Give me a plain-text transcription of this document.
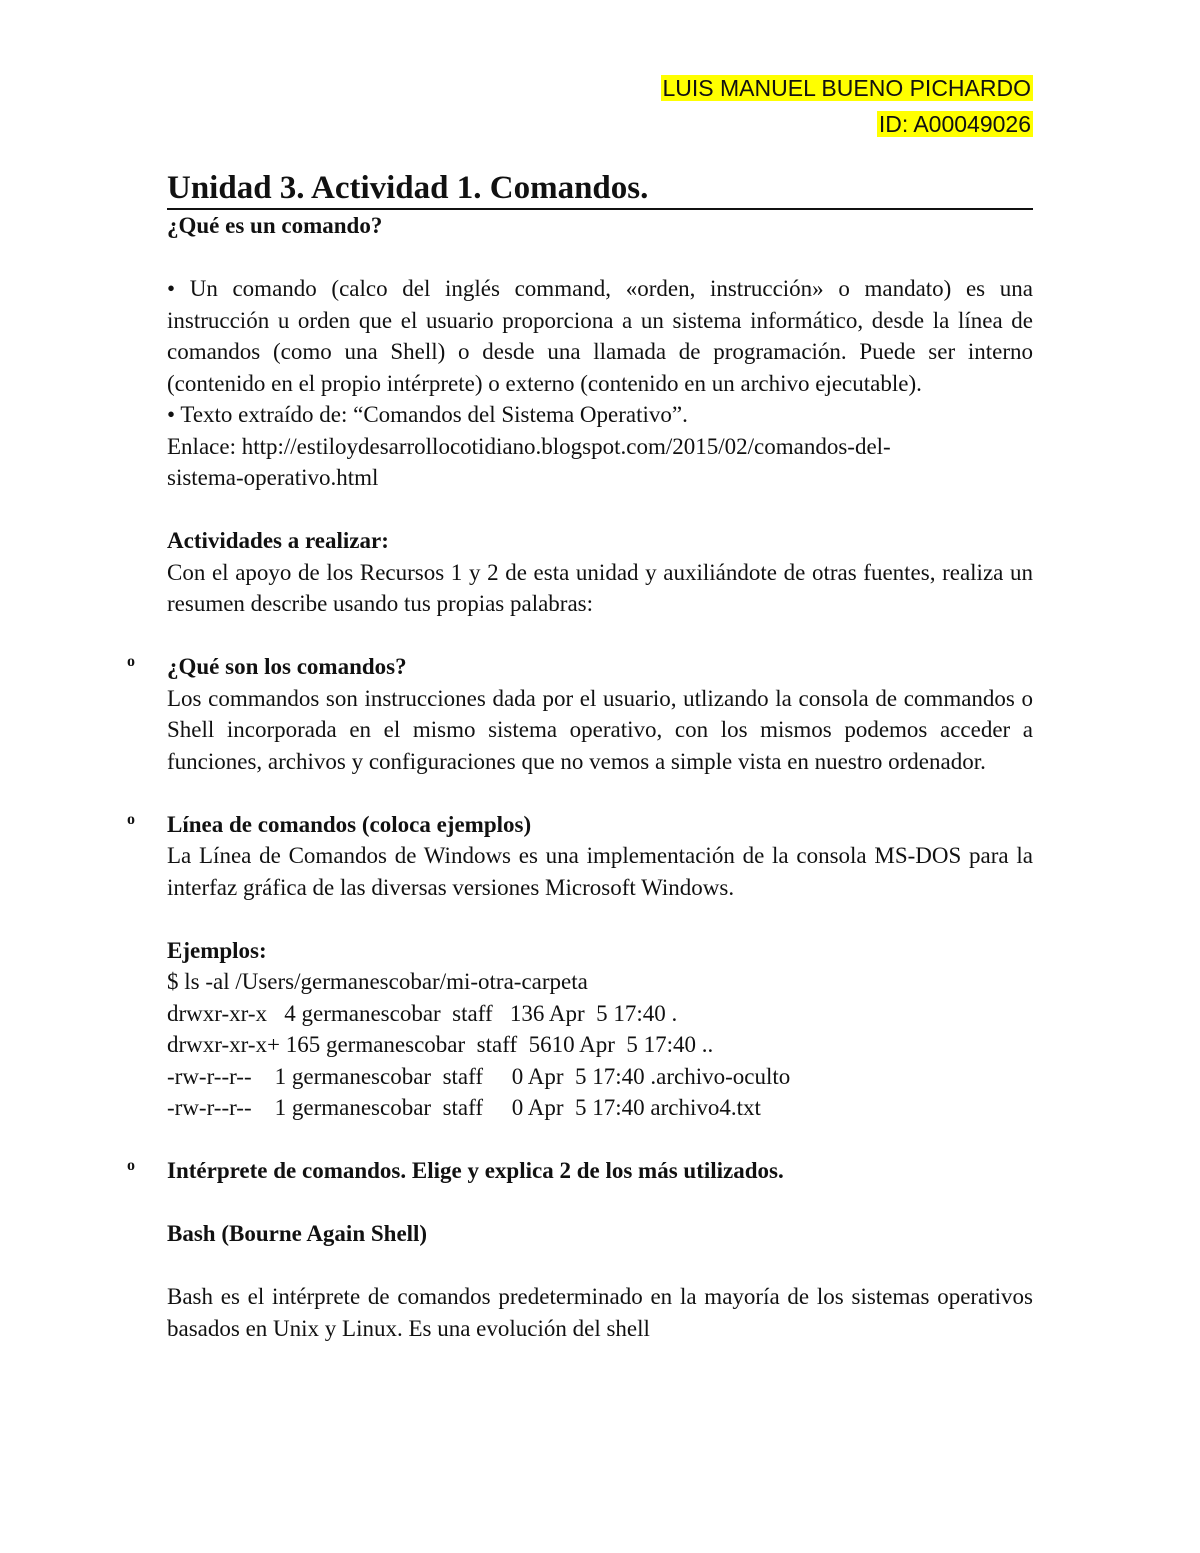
LUIS MANUEL BUENO PICHARDO
ID: A00049026
Unidad 3. Actividad 1. Comandos.

¿Qué es un comando?

• Un comando (calco del inglés command, «orden, instrucción» o mandato) es una instrucción u orden que el usuario proporciona a un sistema informático, desde la línea de comandos (como una Shell) o desde una llamada de programación. Puede ser interno (contenido en el propio intérprete) o externo (contenido en un archivo ejecutable).

• Texto extraído de: “Comandos del Sistema Operativo”.

Enlace: http://estiloydesarrollocotidiano.blogspot.com/2015/02/comandos-del-

sistema-operativo.html

Actividades a realizar:

Con el apoyo de los Recursos 1 y 2 de esta unidad y auxiliándote de otras fuentes, realiza un resumen describe usando tus propias palabras:

o ¿Qué son los comandos?

Los commandos son instrucciones dada por el usuario, utlizando la consola de commandos o Shell incorporada en el mismo sistema operativo, con los mismos podemos acceder a funciones, archivos y configuraciones que no vemos a simple vista en nuestro ordenador.

o Línea de comandos (coloca ejemplos)

La Línea de Comandos de Windows es una implementación de la consola MS-DOS para la interfaz gráfica de las diversas versiones Microsoft Windows.

Ejemplos:

$ ls -al /Users/germanescobar/mi-otra-carpeta

drwxr-xr-x   4 germanescobar  staff   136 Apr  5 17:40 .

drwxr-xr-x+ 165 germanescobar  staff  5610 Apr  5 17:40 ..

-rw-r--r--    1 germanescobar  staff     0 Apr  5 17:40 .archivo-oculto

-rw-r--r--    1 germanescobar  staff     0 Apr  5 17:40 archivo4.txt

o Intérprete de comandos. Elige y explica 2 de los más utilizados.

Bash (Bourne Again Shell)

Bash es el intérprete de comandos predeterminado en la mayoría de los sistemas operativos basados en Unix y Linux. Es una evolución del shell
